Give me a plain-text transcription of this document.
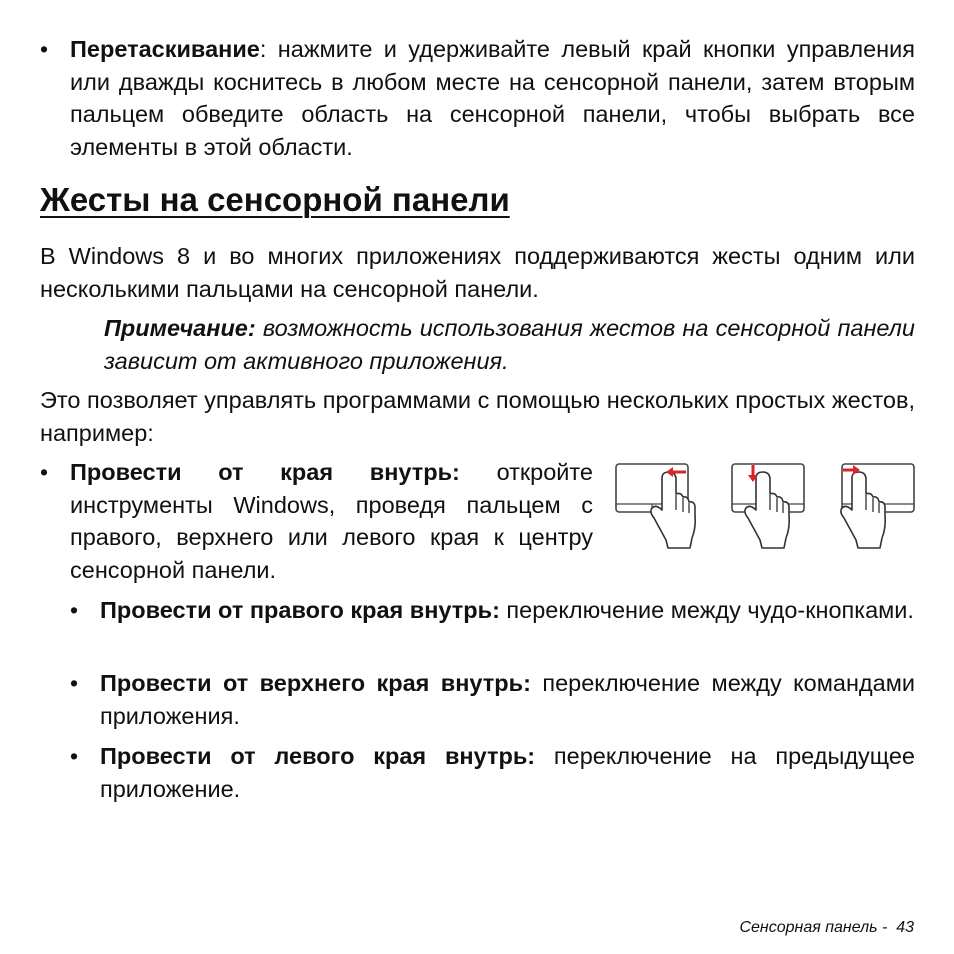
• Перетаскивание: нажмите и удерживайте левый край кнопки управления или дважды коснитесь в любом месте на сенсорной панели, затем вторым пальцем обведите область на сенсорной панели, чтобы выбрать все элементы в этой области.

Жесты на сенсорной панели

В Windows 8 и во многих приложениях поддерживаются жесты одним или несколькими пальцами на сенсорной панели.

Примечание: возможность использования жестов на сенсорной панели зависит от активного приложения.

Это позволяет управлять программами с помощью нескольких простых жестов, например:

• Провести от края внутрь: откройте инструменты Windows, проведя пальцем с правого, верхнего или левого края к центру сенсорной панели.

• Провести от правого края внутрь: переключение между чудо-кнопками.

• Провести от верхнего края внутрь: переключение между командами приложения.

• Провести от левого края внутрь: переключение на предыдущее приложение.

Сенсорная панель - 43
